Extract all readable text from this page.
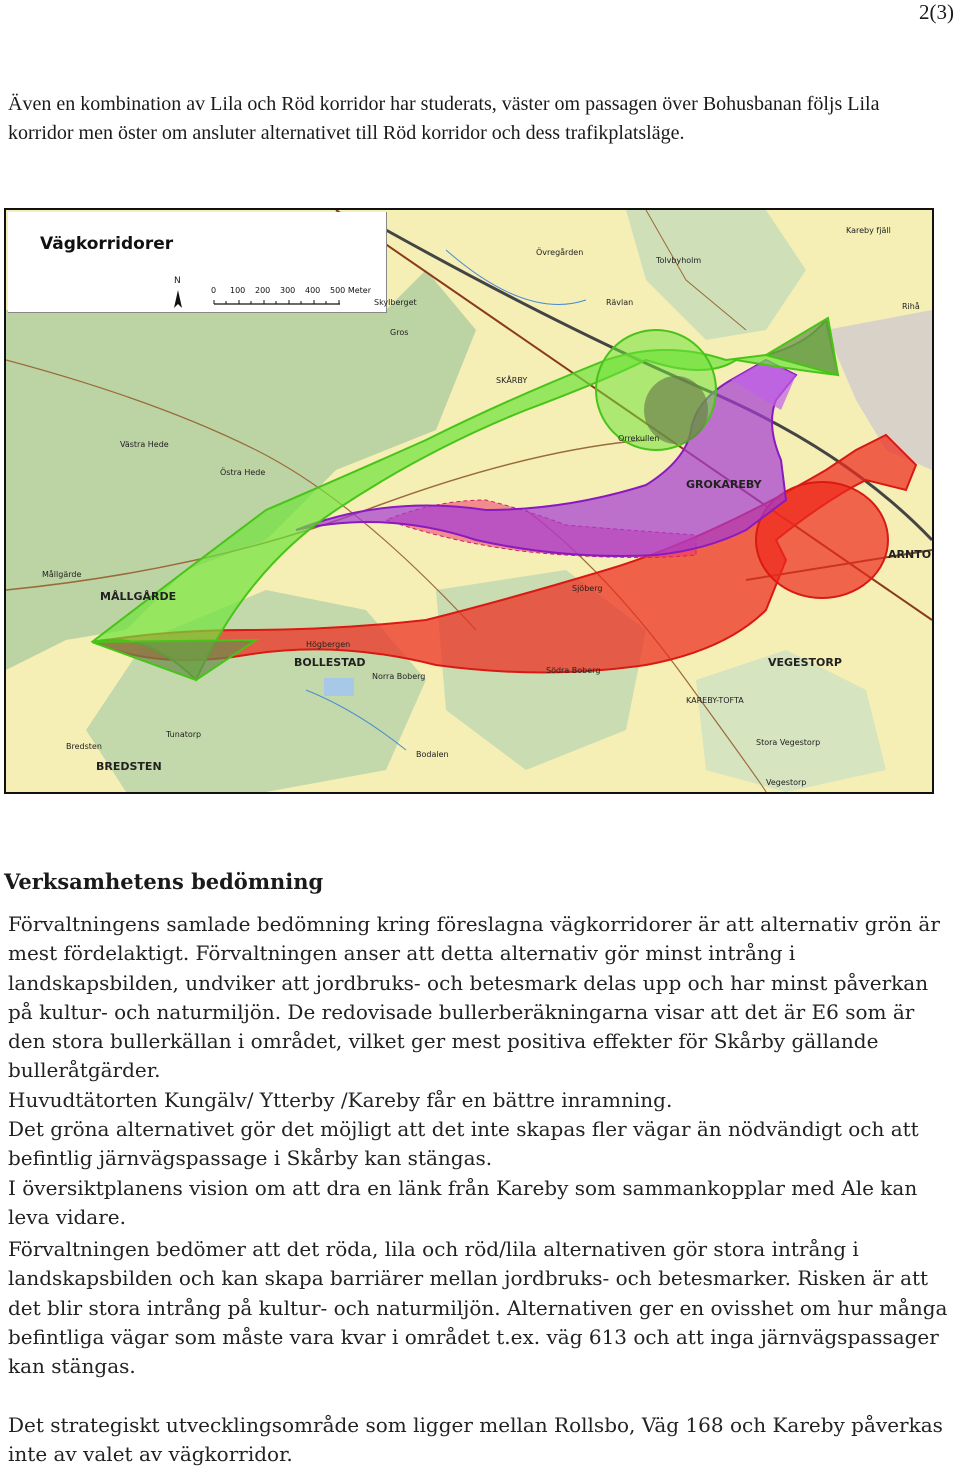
2(3)
Även en kombination av Lila och Röd korridor har studerats, väster om passagen över Bohusbanan följs Lila korridor men öster om ansluter alternativet till Röd korridor och dess trafikplatsläge.
Vägkorridorer
N
0 100 200 300 400 500 Meter
Skylberget
Gros
SKÅRBY
Västra Hede
Östra Hede
Övregården
Tolvbyholm
Rävlan	Rihå
Orrekullen
GROKAREBY
Mållgärde
MÅLLGÅRDE
Sjöberg
Högbergen
BOLLESTAD
Norra Boberg
Södra Boberg
VEGESTORP
ARNTO
KAREBY-TOFTA
Stora Vegestorp
Vegestorp
Bodalen
Tunatorp
Bredsten
BREDSTEN
Kareby fjäll
Verksamhetens bedömning

Förvaltningens samlade bedömning kring föreslagna vägkorridorer är att alternativ grön är mest fördelaktigt. Förvaltningen anser att detta alternativ gör minst intrång i landskapsbilden, undviker att jordbruks- och betesmark delas upp och har minst påverkan på kultur- och naturmiljön. De redovisade bullerberäkningarna visar att det är E6 som är den stora bullerkällan i området, vilket ger mest positiva effekter för Skårby gällande bulleråtgärder.

Huvudtätorten Kungälv/ Ytterby /Kareby får en bättre inramning.

Det gröna alternativet gör det möjligt att det inte skapas fler vägar än nödvändigt och att befintlig järnvägspassage i Skårby kan stängas.

I översiktplanens vision om att dra en länk från Kareby som sammankopplar med Ale kan leva vidare.

Förvaltningen bedömer att det röda, lila och röd/lila alternativen gör stora intrång i landskapsbilden och kan skapa barriärer mellan jordbruks- och betesmarker. Risken är att det blir stora intrång på kultur- och naturmiljön. Alternativen ger en ovisshet om hur många befintliga vägar som måste vara kvar i området t.ex. väg 613 och att inga järnvägspassager kan stängas.
Det strategiskt utvecklingsområde som ligger mellan Rollsbo, Väg 168 och Kareby påverkas inte av valet av vägkorridor.
